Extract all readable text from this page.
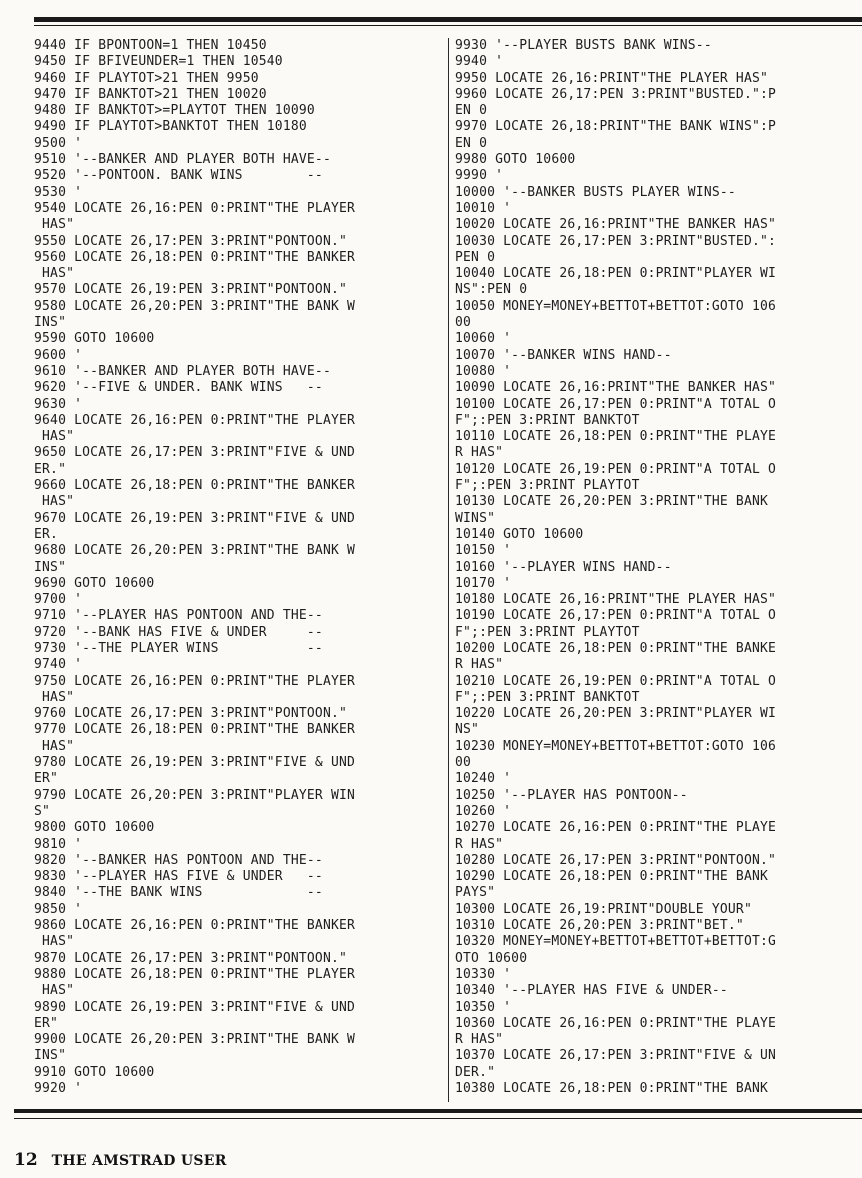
9440 IF BPONTOON=1 THEN 10450
9450 IF BFIVEUNDER=1 THEN 10540
9460 IF PLAYTOT>21 THEN 9950
9470 IF BANKTOT>21 THEN 10020
9480 IF BANKTOT>=PLAYTOT THEN 10090
9490 IF PLAYTOT>BANKTOT THEN 10180
9500 '
9510 '--BANKER AND PLAYER BOTH HAVE--
9520 '--PONTOON. BANK WINS        --
9530 '
9540 LOCATE 26,16:PEN 0:PRINT"THE PLAYER
HAS"
9550 LOCATE 26,17:PEN 3:PRINT"PONTOON."
9560 LOCATE 26,18:PEN 0:PRINT"THE BANKER
HAS"
9570 LOCATE 26,19:PEN 3:PRINT"PONTOON."
9580 LOCATE 26,20:PEN 3:PRINT"THE BANK W
INS"
9590 GOTO 10600
9600 '
9610 '--BANKER AND PLAYER BOTH HAVE--
9620 '--FIVE & UNDER. BANK WINS   --
9630 '
9640 LOCATE 26,16:PEN 0:PRINT"THE PLAYER
HAS"
9650 LOCATE 26,17:PEN 3:PRINT"FIVE & UND
ER."
9660 LOCATE 26,18:PEN 0:PRINT"THE BANKER
HAS"
9670 LOCATE 26,19:PEN 3:PRINT"FIVE & UND
ER.
9680 LOCATE 26,20:PEN 3:PRINT"THE BANK W
INS"
9690 GOTO 10600
9700 '
9710 '--PLAYER HAS PONTOON AND THE--
9720 '--BANK HAS FIVE & UNDER     --
9730 '--THE PLAYER WINS           --
9740 '
9750 LOCATE 26,16:PEN 0:PRINT"THE PLAYER
HAS"
9760 LOCATE 26,17:PEN 3:PRINT"PONTOON."
9770 LOCATE 26,18:PEN 0:PRINT"THE BANKER
HAS"
9780 LOCATE 26,19:PEN 3:PRINT"FIVE & UND
ER"
9790 LOCATE 26,20:PEN 3:PRINT"PLAYER WIN
S"
9800 GOTO 10600
9810 '
9820 '--BANKER HAS PONTOON AND THE--
9830 '--PLAYER HAS FIVE & UNDER   --
9840 '--THE BANK WINS             --
9850 '
9860 LOCATE 26,16:PEN 0:PRINT"THE BANKER
HAS"
9870 LOCATE 26,17:PEN 3:PRINT"PONTOON."
9880 LOCATE 26,18:PEN 0:PRINT"THE PLAYER
HAS"
9890 LOCATE 26,19:PEN 3:PRINT"FIVE & UND
ER"
9900 LOCATE 26,20:PEN 3:PRINT"THE BANK W
INS"
9910 GOTO 10600
9920 '
9930 '--PLAYER BUSTS BANK WINS--
9940 '
9950 LOCATE 26,16:PRINT"THE PLAYER HAS"
9960 LOCATE 26,17:PEN 3:PRINT"BUSTED.":P
EN 0
9970 LOCATE 26,18:PRINT"THE BANK WINS":P
EN 0
9980 GOTO 10600
9990 '
10000 '--BANKER BUSTS PLAYER WINS--
10010 '
10020 LOCATE 26,16:PRINT"THE BANKER HAS"
10030 LOCATE 26,17:PEN 3:PRINT"BUSTED.":
PEN 0
10040 LOCATE 26,18:PEN 0:PRINT"PLAYER WI
NS":PEN 0
10050 MONEY=MONEY+BETTOT+BETTOT:GOTO 106
00
10060 '
10070 '--BANKER WINS HAND--
10080 '
10090 LOCATE 26,16:PRINT"THE BANKER HAS"
10100 LOCATE 26,17:PEN 0:PRINT"A TOTAL O
F";:PEN 3:PRINT BANKTOT
10110 LOCATE 26,18:PEN 0:PRINT"THE PLAYE
R HAS"
10120 LOCATE 26,19:PEN 0:PRINT"A TOTAL O
F";:PEN 3:PRINT PLAYTOT
10130 LOCATE 26,20:PEN 3:PRINT"THE BANK
WINS"
10140 GOTO 10600
10150 '
10160 '--PLAYER WINS HAND--
10170 '
10180 LOCATE 26,16:PRINT"THE PLAYER HAS"
10190 LOCATE 26,17:PEN 0:PRINT"A TOTAL O
F";:PEN 3:PRINT PLAYTOT
10200 LOCATE 26,18:PEN 0:PRINT"THE BANKE
R HAS"
10210 LOCATE 26,19:PEN 0:PRINT"A TOTAL O
F";:PEN 3:PRINT BANKTOT
10220 LOCATE 26,20:PEN 3:PRINT"PLAYER WI
NS"
10230 MONEY=MONEY+BETTOT+BETTOT:GOTO 106
00
10240 '
10250 '--PLAYER HAS PONTOON--
10260 '
10270 LOCATE 26,16:PEN 0:PRINT"THE PLAYE
R HAS"
10280 LOCATE 26,17:PEN 3:PRINT"PONTOON."
10290 LOCATE 26,18:PEN 0:PRINT"THE BANK
PAYS"
10300 LOCATE 26,19:PRINT"DOUBLE YOUR"
10310 LOCATE 26,20:PEN 3:PRINT"BET."
10320 MONEY=MONEY+BETTOT+BETTOT+BETTOT:G
OTO 10600
10330 '
10340 '--PLAYER HAS FIVE & UNDER--
10350 '
10360 LOCATE 26,16:PEN 0:PRINT"THE PLAYE
R HAS"
10370 LOCATE 26,17:PEN 3:PRINT"FIVE & UN
DER."
10380 LOCATE 26,18:PEN 0:PRINT"THE BANK
12 THE AMSTRAD USER
